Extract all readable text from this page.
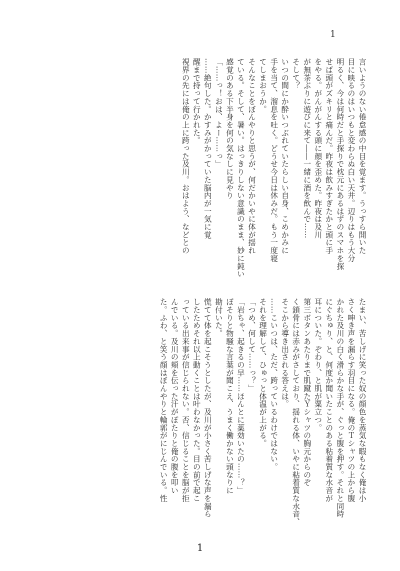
1
言いようのない倦怠感の中目を覚ます。うっすら開いた
目に映るのはいつもと変わらぬ白い天井。辺りはもう大分
明るく、今は何時だと手探りで枕元にあるはずのスマホを探
せば頭がズキリと痛んだ。昨夜は飲みすぎたかと頭に手
をやる。がんがんする頭に顔を歪めた。昨夜は及川
が無茶ぶりに遊びに来て――一緒に酒を飲んで……
そして？
いつの間にか酔いつぶれていたらしい自身、こめかみに
手を当て、溜息を吐く。どうせ今日は休みだ。もう一度寝
てしまおうか。
そんなことをぼんやりと思うが、何だかいやに体が揺れ
ている。そして、暑い。はっきりしない意識のまま、妙に鈍い
感覚のある下半身を何の気なしに見やり
「……っ！おは、よー……っ」
……絶句した。かすみがかっていた脳内が一気に覚
醒まで持って行かれた。
視界の先には俺の上に跨った及川。おはよう、などとの
たまい、苦しげに笑った奴の顔色を蒸気な暇もなく俺は小
さく呻き声を漏らす羽目になる。俺のＴシャツの上から腹
かれた及川の白く滑らかな手が、ぐっと腹を押す。それと同時
にぐちゅり、と、何度か聞いたことのある粘着質な水音が
耳についた。ぞわり、と肌が粟立つ。
第三ボタンあたりまで肌蹴たＹシャツの胸元からのぞ
く鎖骨には赤みがさしており、揺れる体、いやに粘着質な水音、
そこから導き出される答えは。
……こいつは、ただ、跨っているわけではない。
それを理解して、ひゅっと体温が上がる。
「つめ、何して……っ？」
「岩ちゃ、起きるの早……ほんとに薬効いたの……？」
ぼそりと物騒な言葉が聞こえ、うまく働かない頭なりに
勘付いた。
慌てて体を起こそうとしたが、及川が小さく苦しげな声を漏ら
したためそれ以上動くことは叶わなかった。目の前で起こ
っている出来事が信じられない。否、信じることを脳が拒
んでいる。及川の頬を伝った汗がぽたりと俺の腹を叩い
た。ふわ、と笑う顔はぼんやりと輪郭がにじんでいる。性
1
